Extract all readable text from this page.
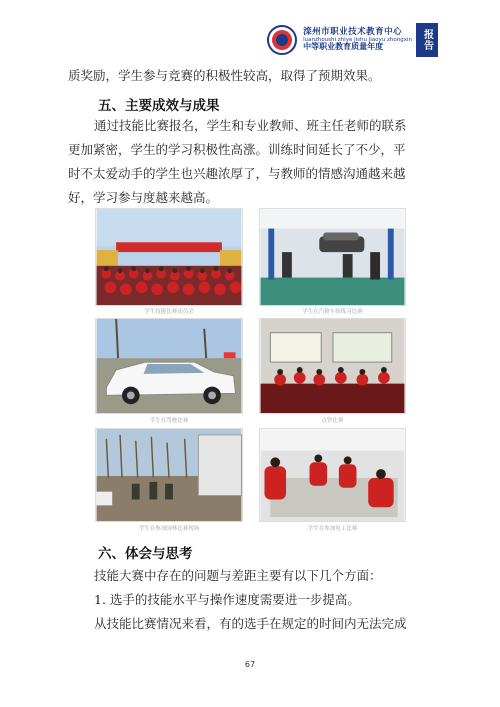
滦州市职业技术教育中心
luanzhoushi zhiye jishu jiaoyu zhongxin
中等职业教育质量年度	报告
质奖励，学生参与竞赛的积极性较高，取得了预期效果。
五、主要成效与成果
通过技能比赛报名，学生和专业教师、班主任老师的联系
更加紧密，学生的学习积极性高涨。训练时间延长了不少，平
时不太爱动手的学生也兴趣浓厚了，与教师的情感沟通越来越
好，学习参与度越来越高。
学生技能比赛动员会	学生在汽修车间练习比赛
学生在驾驶比赛	点钞比赛
学生在参加园林比赛现场	学生在参加电工比赛
六、体会与思考
技能大赛中存在的问题与差距主要有以下几个方面：
1. 选手的技能水平与操作速度需要进一步提高。
从技能比赛情况来看，有的选手在规定的时间内无法完成
67
